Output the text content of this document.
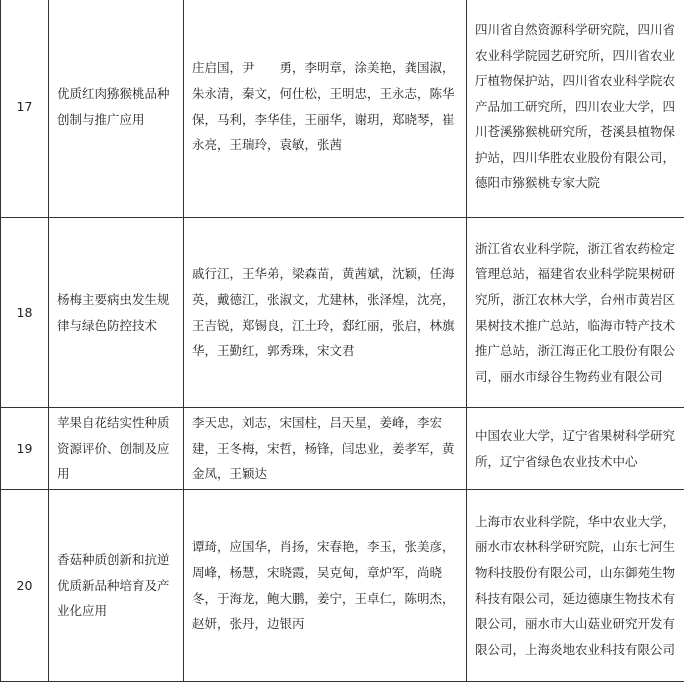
17	优质红肉猕猴桃品种创制与推广应用	庄启国，尹　　勇，李明章，涂美艳，龚国淑，朱永清，秦文，何仕松，王明忠，王永志，陈华保，马利，李华佳，王丽华，谢玥，郑晓琴，崔永亮，王瑞玲，袁敏，张茜	四川省自然资源科学研究院，四川省农业科学院园艺研究所，四川省农业厅植物保护站，四川省农业科学院农产品加工研究所，四川农业大学，四川苍溪猕猴桃研究所，苍溪县植物保护站，四川华胜农业股份有限公司，德阳市猕猴桃专家大院
18	杨梅主要病虫发生规律与绿色防控技术	戚行江，王华弟，梁森苗，黄茜斌，沈颖，任海英，戴德江，张淑文，尤建林，张泽煌，沈亮，王吉锐，郑锡良，江土玲，郄红丽，张启，林旗华，王勤红，郭秀珠，宋文君	浙江省农业科学院，浙江省农药检定管理总站，福建省农业科学院果树研究所，浙江农林大学，台州市黄岩区果树技术推广总站，临海市特产技术推广总站，浙江海正化工股份有限公司，丽水市绿谷生物药业有限公司
19	苹果自花结实性种质资源评价、创制及应用	李天忠，刘志，宋国柱，吕天星，姜峰，李宏建，王冬梅，宋哲，杨锋，闫忠业，姜孝军，黄金凤，王颖达	中国农业大学，辽宁省果树科学研究所，辽宁省绿色农业技术中心
20	香菇种质创新和抗逆优质新品种培育及产业化应用	谭琦，应国华，肖扬，宋春艳，李玉，张美彦，周峰，杨慧，宋晓霞，吴克甸，章炉军，尚晓冬，于海龙，鲍大鹏，姜宁，王卓仁，陈明杰，赵妍，张丹，边银丙	上海市农业科学院，华中农业大学，丽水市农林科学研究院，山东七河生物科技股份有限公司，山东御苑生物科技有限公司，延边德康生物技术有限公司，丽水市大山菇业研究开发有限公司，上海炎地农业科技有限公司
